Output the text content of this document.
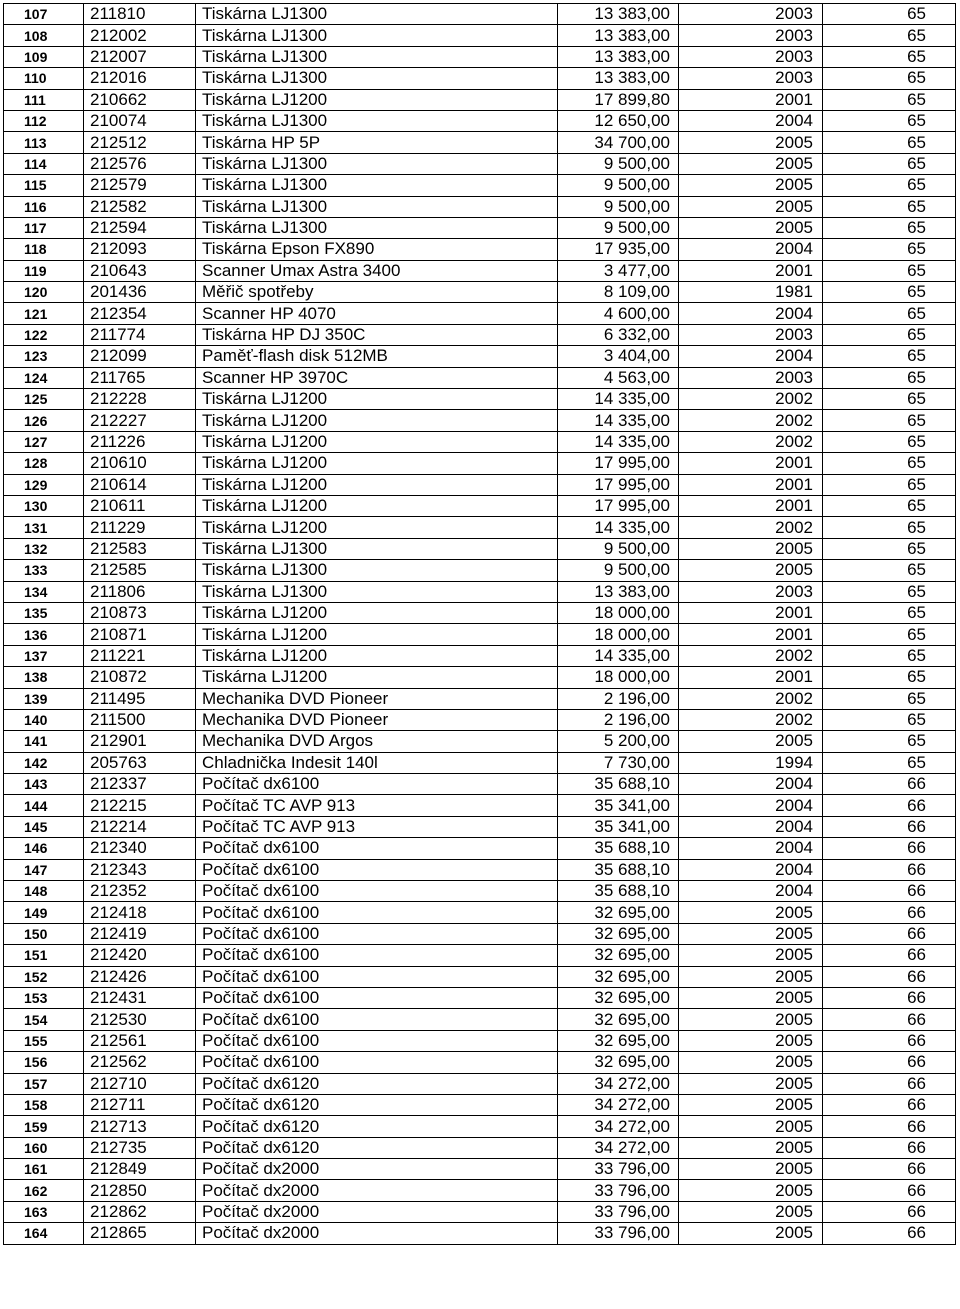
107	211810	Tiskárna LJ1300	13 383,00	2003	65
108	212002	Tiskárna LJ1300	13 383,00	2003	65
109	212007	Tiskárna LJ1300	13 383,00	2003	65
110	212016	Tiskárna LJ1300	13 383,00	2003	65
111	210662	Tiskárna LJ1200	17 899,80	2001	65
112	210074	Tiskárna LJ1300	12 650,00	2004	65
113	212512	Tiskárna HP 5P	34 700,00	2005	65
114	212576	Tiskárna LJ1300	9 500,00	2005	65
115	212579	Tiskárna LJ1300	9 500,00	2005	65
116	212582	Tiskárna LJ1300	9 500,00	2005	65
117	212594	Tiskárna LJ1300	9 500,00	2005	65
118	212093	Tiskárna Epson FX890	17 935,00	2004	65
119	210643	Scanner Umax Astra 3400	3 477,00	2001	65
120	201436	Měřič spotřeby	8 109,00	1981	65
121	212354	Scanner HP 4070	4 600,00	2004	65
122	211774	Tiskárna HP DJ 350C	6 332,00	2003	65
123	212099	Paměť-flash disk 512MB	3 404,00	2004	65
124	211765	Scanner HP 3970C	4 563,00	2003	65
125	212228	Tiskárna LJ1200	14 335,00	2002	65
126	212227	Tiskárna LJ1200	14 335,00	2002	65
127	211226	Tiskárna LJ1200	14 335,00	2002	65
128	210610	Tiskárna LJ1200	17 995,00	2001	65
129	210614	Tiskárna LJ1200	17 995,00	2001	65
130	210611	Tiskárna LJ1200	17 995,00	2001	65
131	211229	Tiskárna LJ1200	14 335,00	2002	65
132	212583	Tiskárna LJ1300	9 500,00	2005	65
133	212585	Tiskárna LJ1300	9 500,00	2005	65
134	211806	Tiskárna LJ1300	13 383,00	2003	65
135	210873	Tiskárna LJ1200	18 000,00	2001	65
136	210871	Tiskárna LJ1200	18 000,00	2001	65
137	211221	Tiskárna LJ1200	14 335,00	2002	65
138	210872	Tiskárna LJ1200	18 000,00	2001	65
139	211495	Mechanika DVD Pioneer	2 196,00	2002	65
140	211500	Mechanika DVD Pioneer	2 196,00	2002	65
141	212901	Mechanika DVD Argos	5 200,00	2005	65
142	205763	Chladnička Indesit 140l	7 730,00	1994	65
143	212337	Počítač dx6100	35 688,10	2004	66
144	212215	Počítač TC AVP 913	35 341,00	2004	66
145	212214	Počítač TC AVP 913	35 341,00	2004	66
146	212340	Počítač dx6100	35 688,10	2004	66
147	212343	Počítač dx6100	35 688,10	2004	66
148	212352	Počítač dx6100	35 688,10	2004	66
149	212418	Počítač dx6100	32 695,00	2005	66
150	212419	Počítač dx6100	32 695,00	2005	66
151	212420	Počítač dx6100	32 695,00	2005	66
152	212426	Počítač dx6100	32 695,00	2005	66
153	212431	Počítač dx6100	32 695,00	2005	66
154	212530	Počítač dx6100	32 695,00	2005	66
155	212561	Počítač dx6100	32 695,00	2005	66
156	212562	Počítač dx6100	32 695,00	2005	66
157	212710	Počítač dx6120	34 272,00	2005	66
158	212711	Počítač dx6120	34 272,00	2005	66
159	212713	Počítač dx6120	34 272,00	2005	66
160	212735	Počítač dx6120	34 272,00	2005	66
161	212849	Počítač dx2000	33 796,00	2005	66
162	212850	Počítač dx2000	33 796,00	2005	66
163	212862	Počítač dx2000	33 796,00	2005	66
164	212865	Počítač dx2000	33 796,00	2005	66
